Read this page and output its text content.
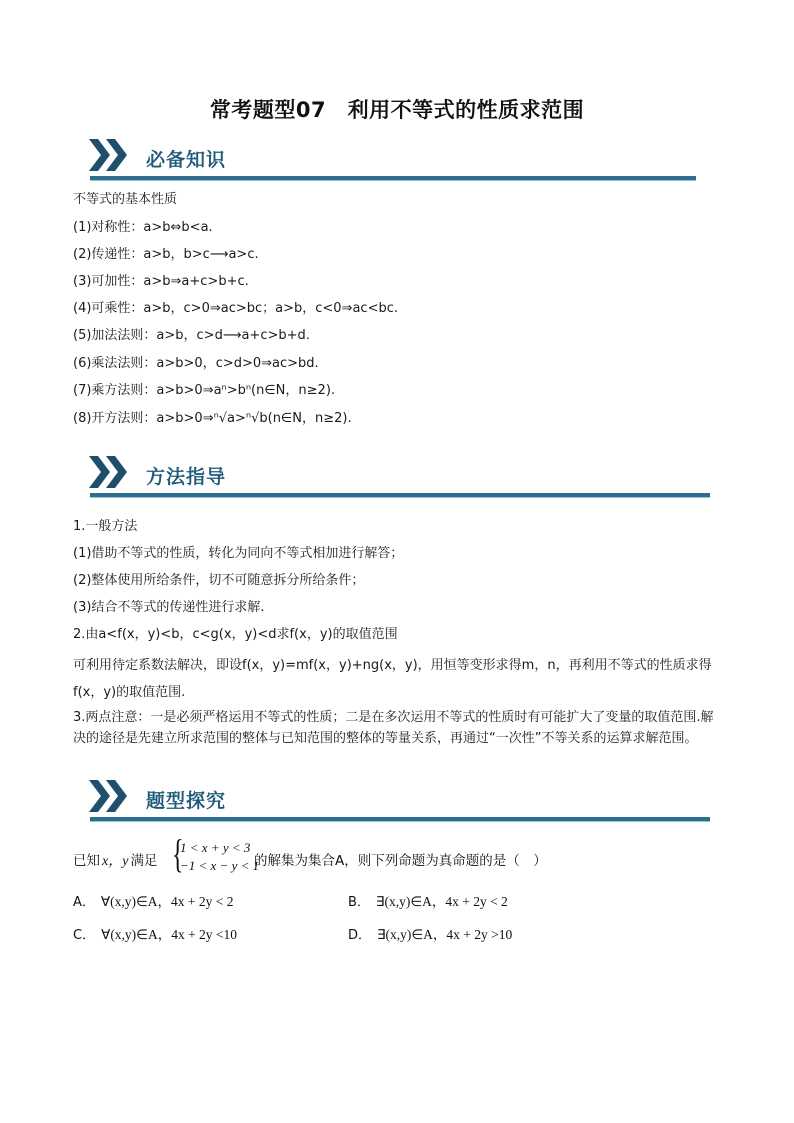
常考题型07　利用不等式的性质求范围
必备知识
不等式的基本性质
(1)对称性：a>b⇔b<a.
(2)传递性：a>b，b>c⟶a>c.
(3)可加性：a>b⇒a+c>b+c.
(4)可乘性：a>b，c>0⇒ac>bc；a>b，c<0⇒ac<bc.
(5)加法法则：a>b，c>d⟶a+c>b+d.
(6)乘法法则：a>b>0，c>d>0⇒ac>bd.
(7)乘方法则：a>b>0⇒aⁿ>bⁿ(n∈N，n≥2).
(8)开方法则：a>b>0⇒ⁿ√a>ⁿ√b(n∈N，n≥2).
方法指导
1.一般方法
(1)借助不等式的性质，转化为同向不等式相加进行解答；
(2)整体使用所给条件，切不可随意拆分所给条件；
(3)结合不等式的传递性进行求解.
2.由a<f(x，y)<b，c<g(x，y)<d求f(x，y)的取值范围
可利用待定系数法解决，即设f(x，y)=mf(x，y)+ng(x，y)，用恒等变形求得m，n，再利用不等式的性质求得f(x，y)的取值范围.
3.两点注意：一是必须严格运用不等式的性质；二是在多次运用不等式的性质时有可能扩大了变量的取值范围.解决的途径是先建立所求范围的整体与已知范围的整体的等量关系，再通过“一次性”不等关系的运算求解范围。
题型探究
已知 x，y 满足 {
1 < x + y < 3
−1 < x − y < 1
的解集为集合A，则下列命题为真命题的是（　）
A． ∀(x,y)∈A，4x + 2y < 2	B． ∃(x,y)∈A，4x + 2y < 2
C． ∀(x,y)∈A，4x + 2y <10	D． ∃(x,y)∈A，4x + 2y >10
